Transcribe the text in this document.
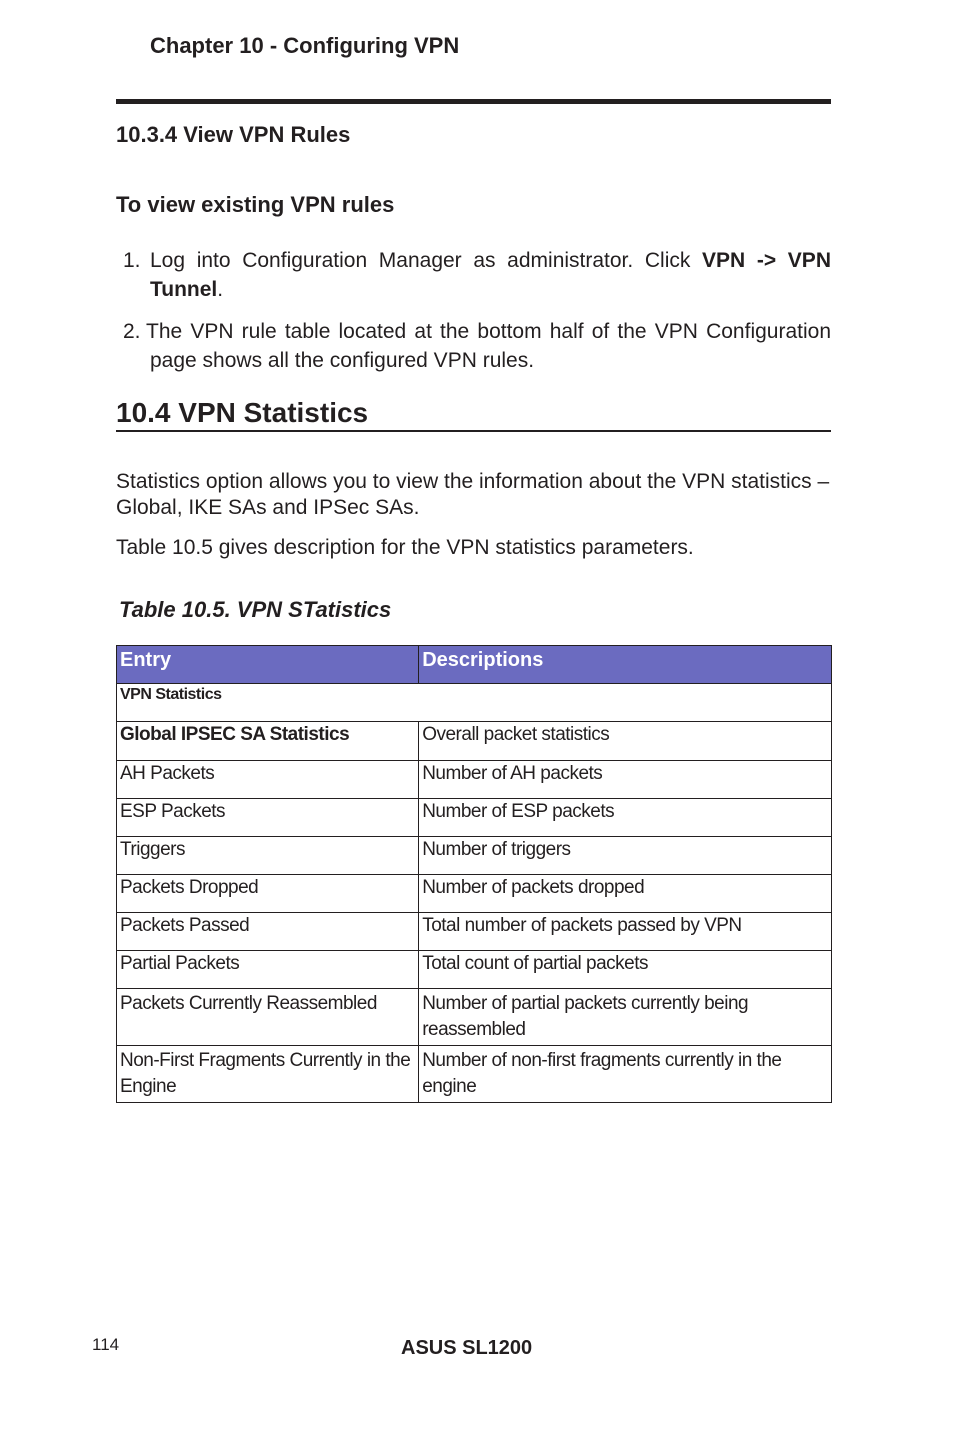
Chapter 10 - Configuring VPN
10.3.4 View VPN Rules
To view existing VPN rules

1. Log into Configuration Manager as administrator. Click VPN -> VPN Tunnel.

2. The VPN rule table located at the bottom half of the VPN Configuration
page shows all the configured VPN rules.

10.4 VPN Statistics

Statistics option allows you to view the information about the VPN statistics – Global, IKE SAs and IPSec SAs.

Table 10.5 gives description for the VPN statistics parameters.

Table 10.5. VPN STatistics

Entry	Descriptions
VPN Statistics	
Global IPSEC SA Statistics	Overall packet statistics
AH Packets	Number of AH packets
ESP Packets	Number of ESP packets
Triggers	Number of triggers
Packets Dropped	Number of packets dropped
Packets Passed	Total number of packets passed by VPN
Partial Packets	Total count of partial packets
Packets Currently Reassembled	Number of partial packets currently being reassembled
Non-First Fragments Currently in the Engine	Number of non-first fragments currently in the engine

114	ASUS SL1200
